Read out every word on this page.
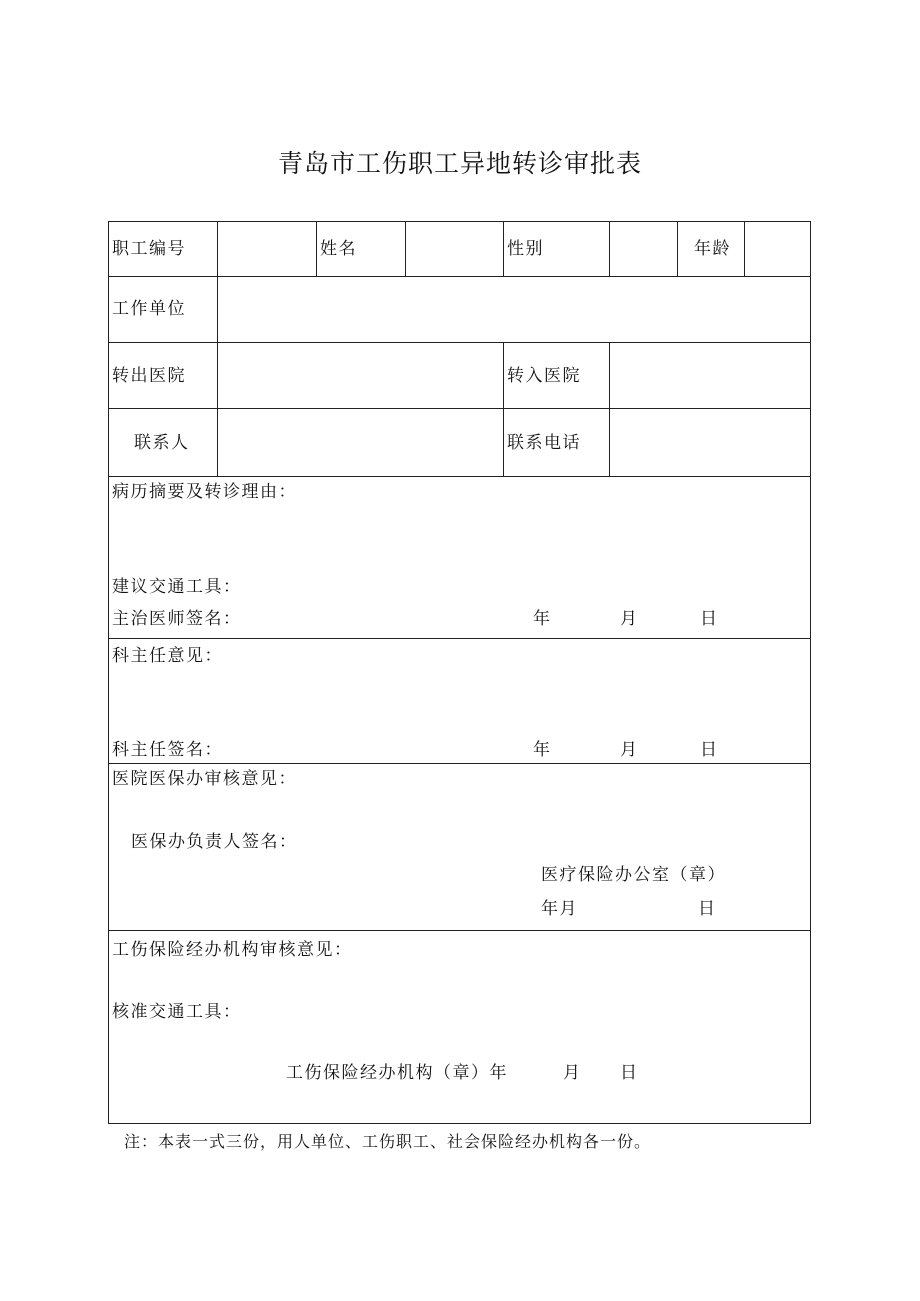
青岛市工伤职工异地转诊审批表
职工编号	姓名	性别	年龄
工作单位
转出医院	转入医院
联系人	联系电话
病历摘要及转诊理由：
建议交通工具：
主治医师签名：	年	月	日
科主任意见：
科主任签名：	年	月	日
医院医保办审核意见：
医保办负责人签名：
医疗保险办公室（章）
年月	日
工伤保险经办机构审核意见：
核准交通工具：
工伤保险经办机构（章）年	月 日
注：本表一式三份，用人单位、工伤职工、社会保险经办机构各一份。
